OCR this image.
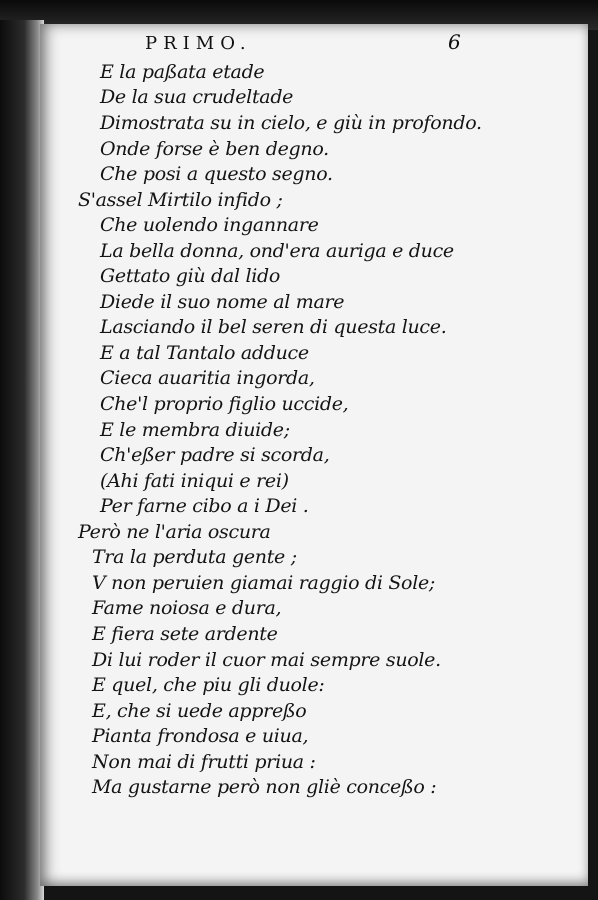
PRIMO.	6
E la paßata etade
De la sua crudeltade
Dimostrata su in cielo, e giù in profondo.
Onde forse è ben degno.
Che posi a questo segno.
S'assel Mirtilo infido ;
Che uolendo ingannare
La bella donna, ond'era auriga e duce
Gettato giù dal lido
Diede il suo nome al mare
Lasciando il bel seren di questa luce.
E a tal Tantalo adduce
Cieca auaritia ingorda,
Che'l proprio figlio uccide,
E le membra diuide;
Ch'eßer padre si scorda,
(Ahi fati iniqui e rei)
Per farne cibo a i Dei .
Però ne l'aria oscura
Tra la perduta gente ;
V non peruien giamai raggio di Sole;
Fame noiosa e dura,
E fiera sete ardente
Di lui roder il cuor mai sempre suole.
E quel, che piu gli duole:
E, che si uede appreßo
Pianta frondosa e uiua,
Non mai di frutti priua :
Ma gustarne però non gliè conceßo :
